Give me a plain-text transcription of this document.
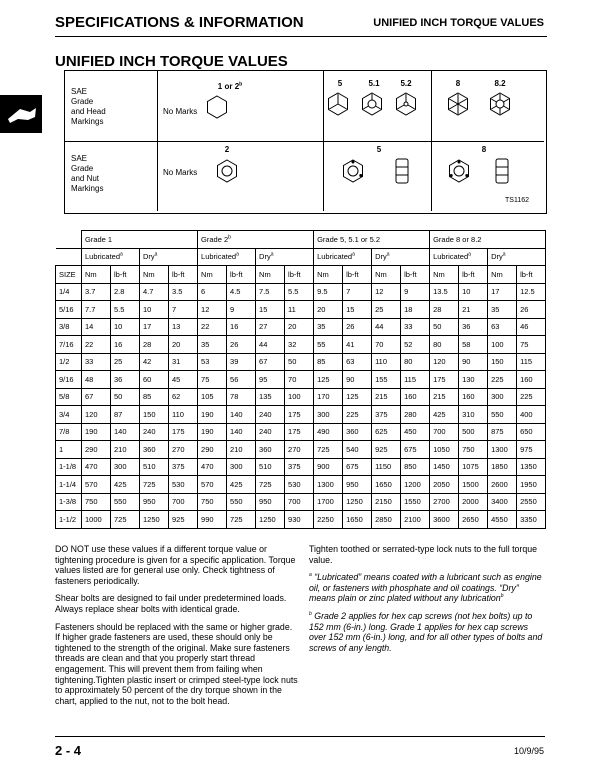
SPECIFICATIONS & INFORMATION	UNIFIED INCH TORQUE VALUES
UNIFIED INCH TORQUE VALUES
SAE
Grade
and Head
Markings
SAE
Grade
and Nut
Markings
No Marks
No Marks
1 or 2$^b$	5	5.1	5.2	8	8.2
2	5	8
TS1162
	Grade 1				Grade 2$^b$				Grade 5, 5.1 or 5.2				Grade 8 or 8.2			
	Lubricated$^a$		Dry$^a$		Lubricated$^a$		Dry$^a$		Lubricated$^a$		Dry$^a$		Lubricated$^a$		Dry$^a$
SIZE	Nm	lb-ft	Nm	lb-ft	Nm	lb-ft	Nm	lb-ft	Nm	lb-ft	Nm	lb-ft	Nm	lb-ft	Nm	lb-ft
1/4	3.7	2.8	4.7	3.5	6	4.5	7.5	5.5	9.5	7	12	9	13.5	10	17	12.5
5/16	7.7	5.5	10	7	12	9	15	11	20	15	25	18	28	21	35	26
3/8	14	10	17	13	22	16	27	20	35	26	44	33	50	36	63	46
7/16	22	16	28	20	35	26	44	32	55	41	70	52	80	58	100	75
1/2	33	25	42	31	53	39	67	50	85	63	110	80	120	90	150	115
9/16	48	36	60	45	75	56	95	70	125	90	155	115	175	130	225	160
5/8	67	50	85	62	105	78	135	100	170	125	215	160	215	160	300	225
3/4	120	87	150	110	190	140	240	175	300	225	375	280	425	310	550	400
7/8	190	140	240	175	190	140	240	175	490	360	625	450	700	500	875	650
1	290	210	360	270	290	210	360	270	725	540	925	675	1050	750	1300	975
1-1/8	470	300	510	375	470	300	510	375	900	675	1150	850	1450	1075	1850	1350
1-1/4	570	425	725	530	570	425	725	530	1300	950	1650	1200	2050	1500	2600	1950
1-3/8	750	550	950	700	750	550	950	700	1700	1250	2150	1550	2700	2000	3400	2550
1-1/2	1000	725	1250	925	990	725	1250	930	2250	1650	2850	2100	3600	2650	4550	3350

DO NOT use these values if a different torque value or tightening procedure is given for a specific application. Torque values listed are for general use only. Check tightness of fasteners periodically.

Shear bolts are designed to fail under predetermined loads. Always replace shear bolts with identical grade.

Fasteners should be replaced with the same or higher grade. If higher grade fasteners are used, these should only be tightened to the strength of the original. Make sure fasteners threads are clean and that you properly start thread engagement. This will prevent them from failing when tightening.Tighten plastic insert or crimped steel-type lock nuts to approximately 50 percent of the dry torque shown in the chart, applied to the nut, not to the bolt head.

Tighten toothed or serrated-type lock nuts to the full torque value.

$^a$ “Lubricated” means coated with a lubricant such as engine oil, or fasteners with phosphate and oil coatings. “Dry” means plain or zinc plated without any lubrication$^b$

$^b$ Grade 2 applies for hex cap screws (not hex bolts) up to 152 mm (6-in.) long. Grade 1 applies for hex cap screws over 152 mm (6-in.) long, and for all other types of bolts and screws of any length.

2 - 4	10/9/95
